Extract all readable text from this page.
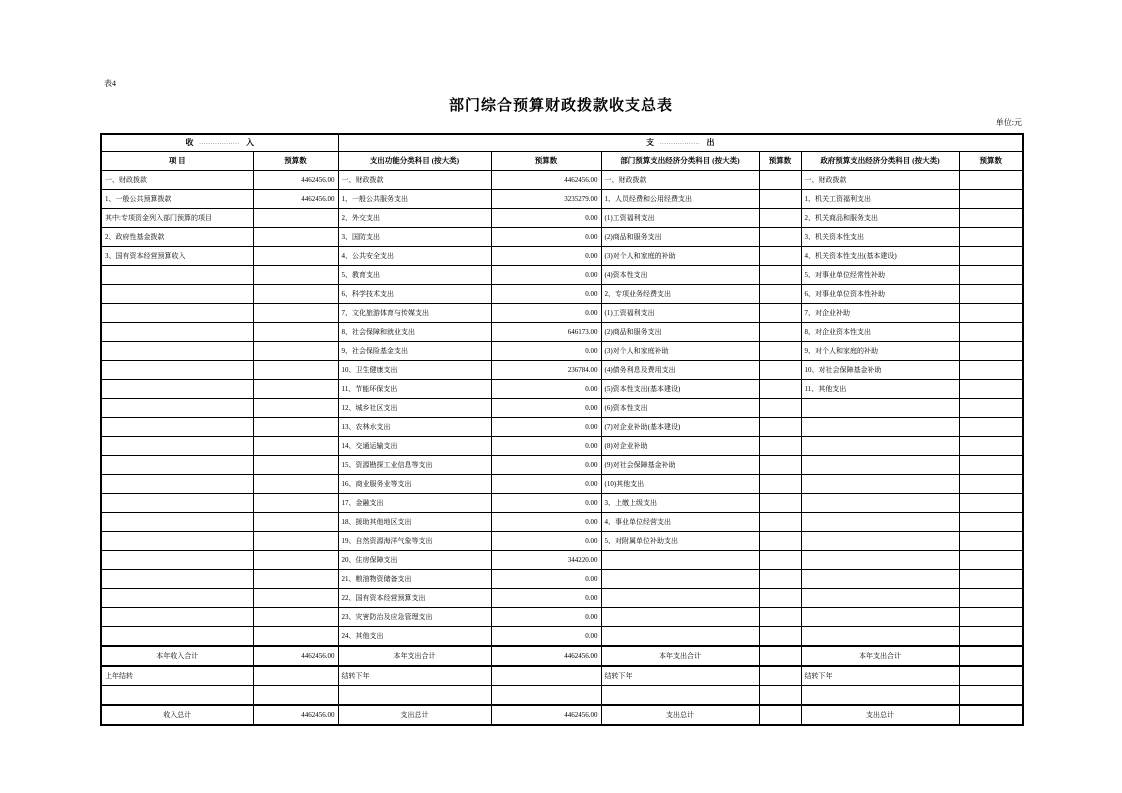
表4
部门综合预算财政拨款收支总表
单位:元
收 .................. 入		支 .................. 出					
项 目	预算数	支出功能分类科目 (按大类)	预算数	部门预算支出经济分类科目 (按大类)	预算数	政府预算支出经济分类科目 (按大类)	预算数
一、财政拨款	4462456.00	一、财政拨款	4462456.00	一、财政拨款		一、财政拨款	
1、一般公共预算拨款	4462456.00	1、一般公共服务支出	3235279.00	1、人员经费和公用经费支出		1、机关工资福利支出	
其中:专项资金列入部门预算的项目		2、外交支出	0.00	(1)工资福利支出		2、机关商品和服务支出	
2、政府性基金拨款		3、国防支出	0.00	(2)商品和服务支出		3、机关资本性支出	
3、国有资本经营预算收入		4、公共安全支出	0.00	(3)对个人和家庭的补助		4、机关资本性支出(基本建设)	
		5、教育支出	0.00	(4)资本性支出		5、对事业单位经常性补助	
		6、科学技术支出	0.00	2、专项业务经费支出		6、对事业单位资本性补助	
		7、文化旅游体育与传媒支出	0.00	(1)工资福利支出		7、对企业补助	
		8、社会保障和就业支出	646173.00	(2)商品和服务支出		8、对企业资本性支出	
		9、社会保险基金支出	0.00	(3)对个人和家庭补助		9、对个人和家庭的补助	
		10、卫生健康支出	236784.00	(4)债务利息及费用支出		10、对社会保障基金补助	
		11、节能环保支出	0.00	(5)资本性支出(基本建设)		11、其他支出	
		12、城乡社区支出	0.00	(6)资本性支出			
		13、农林水支出	0.00	(7)对企业补助(基本建设)			
		14、交通运输支出	0.00	(8)对企业补助			
		15、资源勘探工业信息等支出	0.00	(9)对社会保障基金补助			
		16、商业服务业等支出	0.00	(10)其他支出			
		17、金融支出	0.00	3、上缴上级支出			
		18、援助其他地区支出	0.00	4、事业单位经营支出			
		19、自然资源海洋气象等支出	0.00	5、对附属单位补助支出			
		20、住房保障支出	344220.00				
		21、粮油物资储备支出	0.00				
		22、国有资本经营预算支出	0.00				
		23、灾害防治及应急管理支出	0.00				
		24、其他支出	0.00				
本年收入合计	4462456.00	本年支出合计	4462456.00	本年支出合计		本年支出合计	
上年结转		结转下年		结转下年		结转下年	

收入总计	4462456.00	支出总计	4462456.00	支出总计		支出总计	
